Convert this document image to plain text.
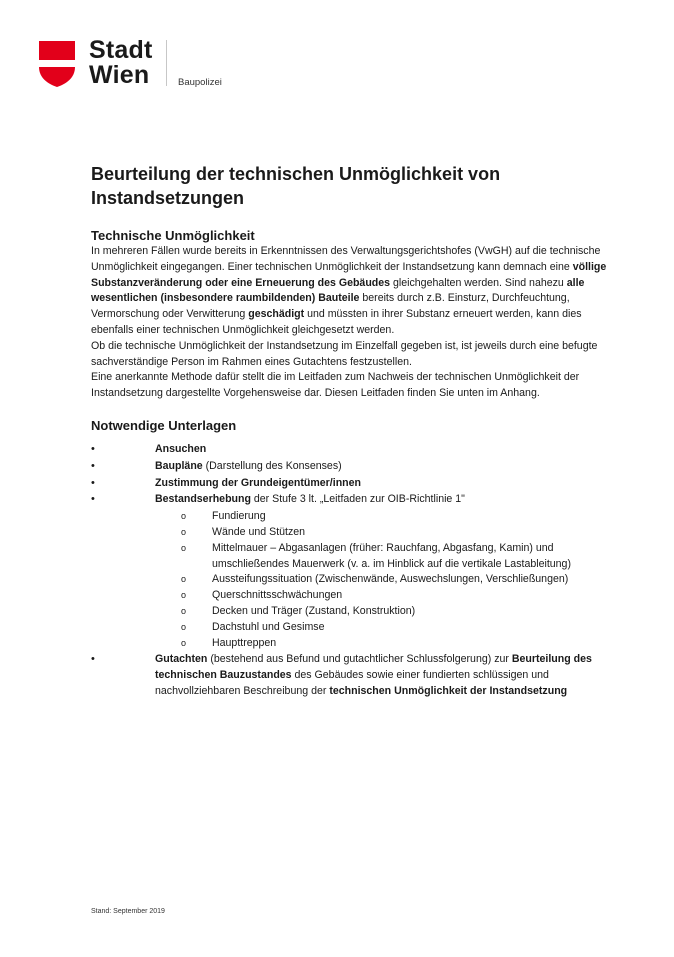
Stadt
Wien	Baupolizei
Beurteilung der technischen Unmöglichkeit von Instandsetzungen
Technische Unmöglichkeit

In mehreren Fällen wurde bereits in Erkenntnissen des Verwaltungsgerichtshofes (VwGH) auf die technische Unmöglichkeit eingegangen. Einer technischen Unmöglichkeit der Instandsetzung kann demnach eine völlige Substanzveränderung oder eine Erneuerung des Gebäudes gleichgehalten werden. Sind nahezu alle wesentlichen (insbesondere raumbildenden) Bauteile bereits durch z.B. Einsturz, Durchfeuchtung, Vermorschung oder Verwitterung geschädigt und müssten in ihrer Substanz erneuert werden, kann dies ebenfalls einer technischen Unmöglichkeit gleichgesetzt werden.

Ob die technische Unmöglichkeit der Instandsetzung im Einzelfall gegeben ist, ist jeweils durch eine befugte sachverständige Person im Rahmen eines Gutachtens festzustellen.

Eine anerkannte Methode dafür stellt die im Leitfaden zum Nachweis der technischen Unmöglichkeit der Instandsetzung dargestellte Vorgehensweise dar. Diesen Leitfaden finden Sie unten im Anhang.

Notwendige Unterlagen
•	Ansuchen
•	Baupläne (Darstellung des Konsenses)
•	Zustimmung der Grundeigentümer/innen
•	Bestandserhebung der Stufe 3 lt. „Leitfaden zur OIB-Richtlinie 1"
o Fundierung
o Wände und Stützen
o Mittelmauer – Abgasanlagen (früher: Rauchfang, Abgasfang, Kamin) und umschließendes Mauerwerk (v. a. im Hinblick auf die vertikale Lastableitung)
o Aussteifungssituation (Zwischenwände, Auswechslungen, Verschließungen)
o Querschnittsschwächungen
o Decken und Träger (Zustand, Konstruktion)
o Dachstuhl und Gesimse
o Haupttreppen
•	Gutachten (bestehend aus Befund und gutachtlicher Schlussfolgerung) zur Beurteilung des technischen Bauzustandes des Gebäudes sowie einer fundierten schlüssigen und nachvollziehbaren Beschreibung der technischen Unmöglichkeit der Instandsetzung
Stand: September 2019
